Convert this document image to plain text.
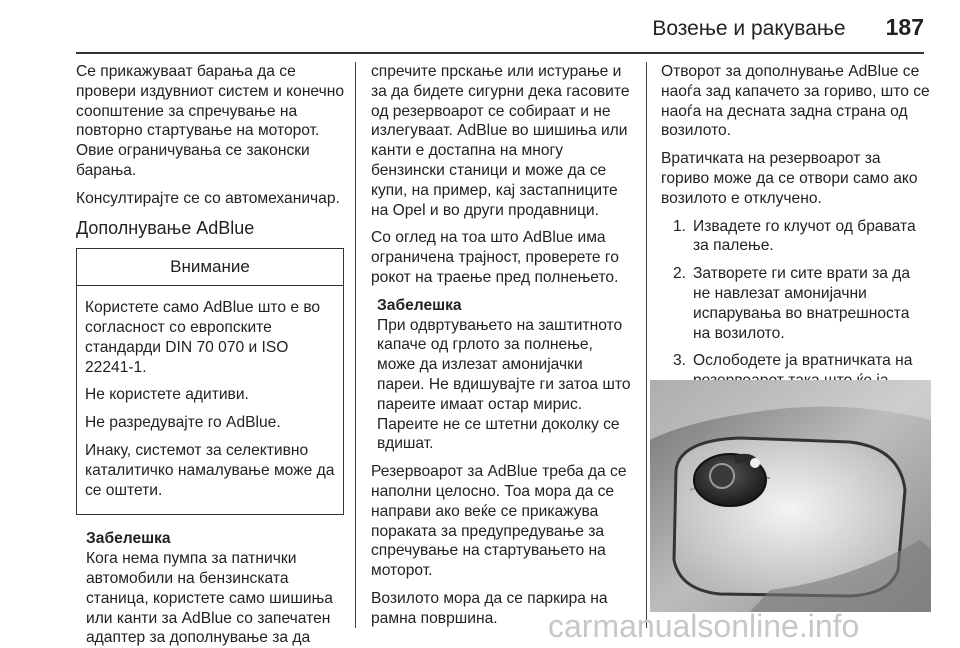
Возење и ракување 187

Се прикажуваат барања да се провери издувниот систем и конечно соопштение за спречување на повторно стартување на моторот. Овие ограничувања се законски барања.

Консултирајте се со автомеханичар.

Дополнување AdBlue
Внимание

Користете само AdBlue што е во согласност со европските стандарди DIN 70 070 и ISO 22241-1.

Не користете адитиви.

Не разредувајте го AdBlue.

Инаку, системот за селективно каталитичко намалување може да се оштети.

Забелешка
Кога нема пумпа за патнички автомобили на бензинската станица, користете само шишиња или канти за AdBlue со запечатен адаптер за дополнување за да

спречите прскање или истурање и за да бидете сигурни дека гасовите од резервоарот се собираат и не излегуваат. AdBlue во шишиња или канти е достапна на многу бензински станици и може да се купи, на пример, кај застапниците на Opel и во други продавници.

Со оглед на тоа што AdBlue има ограничена трајност, проверете го рокот на траење пред полнењето.

Забелешка

При одвртувањето на заштитното капаче од грлото за полнење, може да излезат амонијачки пареи. Не вдишувајте ги затоа што пареите имаат остар мирис. Пареите не се штетни доколку се вдишат.

Резервоарот за AdBlue треба да се наполни целосно. Тоа мора да се направи ако веќе се прикажува пораката за предупредување за спречување на стартувањето на моторот.

Возилото мора да се паркира на рамна површина.

Отворот за дополнување AdBlue се наоѓа зад капачето за гориво, што се наоѓа на десната задна страна од возилото.

Вратичката на резервоарот за гориво може да се отвори само ако возилото е отклучено.

1. Извадете го клучот од бравата за палење.
2. Затворете ги сите врати за да не навлезат амонијачни испарувања во внатрешноста на возилото.
3. Ослободете ја вратничката на
carmanualsonline.info
